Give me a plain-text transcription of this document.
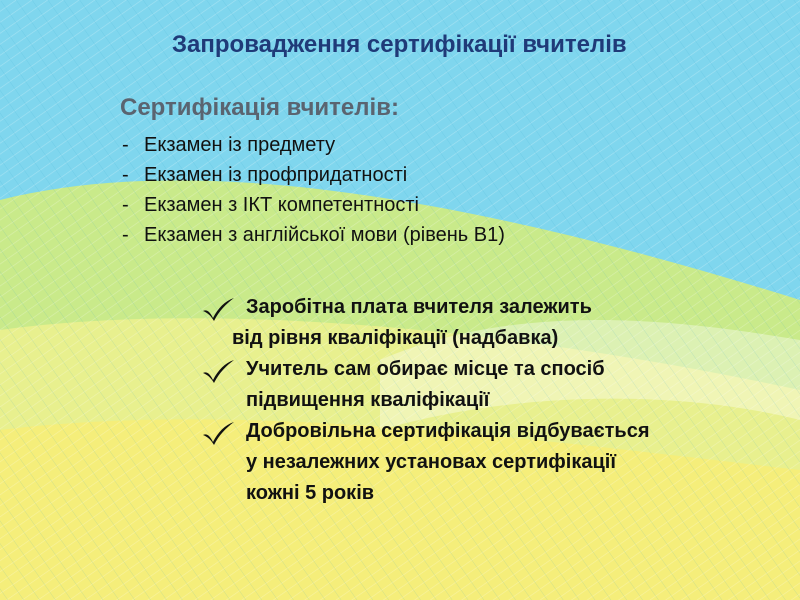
Запровадження сертифікації вчителів
Сертифікація вчителів:
- Екзамен із предмету
- Екзамен із профпридатності
- Екзамен з ІКТ компетентності
- Екзамен з англійської мови (рівень В1)
Заробітна плата вчителя залежить
від рівня кваліфікації (надбавка)
Учитель сам обирає місце та спосіб
підвищення кваліфікації
Добровільна сертифікація відбувається
у незалежних установах сертифікації
кожні 5 років
